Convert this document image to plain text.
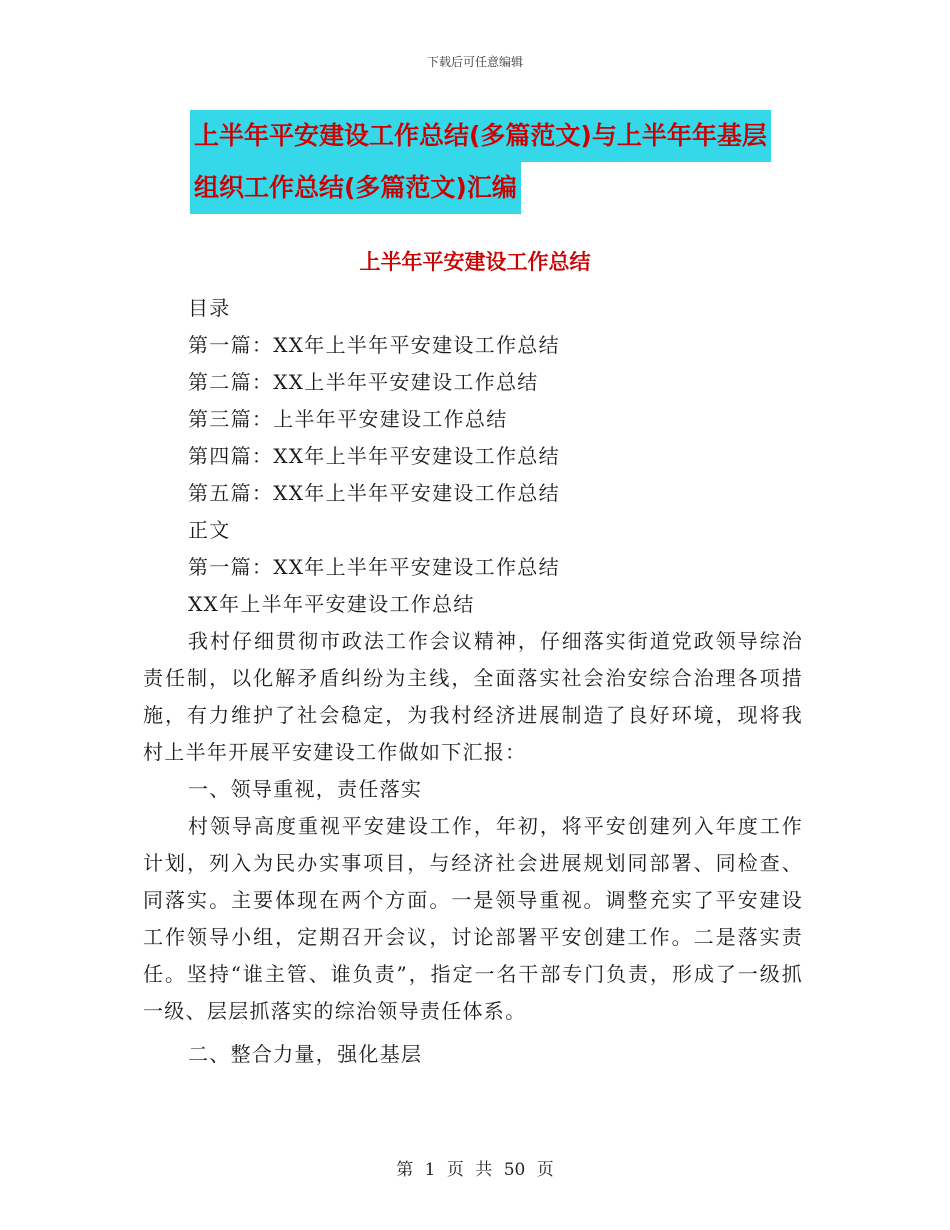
下载后可任意编辑
上半年平安建设工作总结(多篇范文)与上半年年基层
组织工作总结(多篇范文)汇编
上半年平安建设工作总结

目录

第一篇：XX年上半年平安建设工作总结

第二篇：XX上半年平安建设工作总结

第三篇：上半年平安建设工作总结

第四篇：XX年上半年平安建设工作总结

第五篇：XX年上半年平安建设工作总结

正文

第一篇：XX年上半年平安建设工作总结

XX年上半年平安建设工作总结

我村仔细贯彻市政法工作会议精神，仔细落实街道党政领导综治责任制，以化解矛盾纠纷为主线，全面落实社会治安综合治理各项措施，有力维护了社会稳定，为我村经济进展制造了良好环境，现将我村上半年开展平安建设工作做如下汇报：

一、领导重视，责任落实

村领导高度重视平安建设工作，年初，将平安创建列入年度工作计划，列入为民办实事项目，与经济社会进展规划同部署、同检查、同落实。主要体现在两个方面。一是领导重视。调整充实了平安建设工作领导小组，定期召开会议，讨论部署平安创建工作。二是落实责任。坚持“谁主管、谁负责”，指定一名干部专门负责，形成了一级抓一级、层层抓落实的综治领导责任体系。

二、整合力量，强化基层

第 1 页 共 50 页
